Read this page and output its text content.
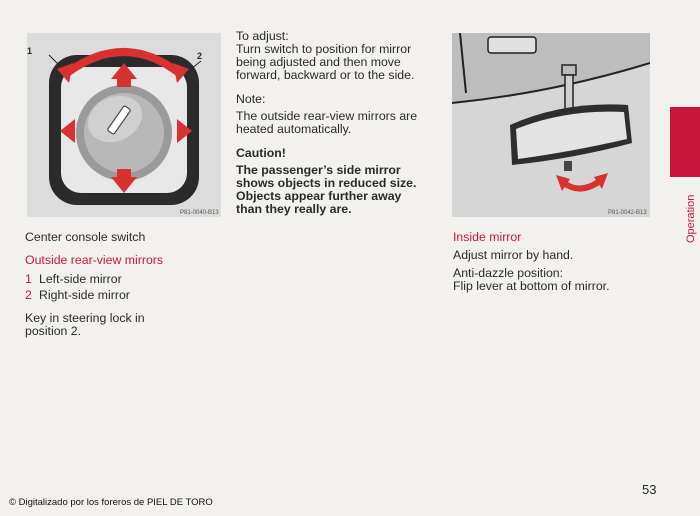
1	2
P81-0040-B13

Center console switch

Outside rear-view mirrors

1 Left-side mirror

2 Right-side mirror

Key in steering lock in

position 2.

To adjust:

Turn switch to position for mirror

being adjusted and then move

forward, backward or to the side.

Note:

The outside rear-view mirrors are

heated automatically.

Caution!

The passenger’s side mirror

shows objects in reduced size.

Objects appear further away

than they really are.	P81-0042-B13

Inside mirror

Adjust mirror by hand.

Anti-dazzle position:

Flip lever at bottom of mirror.

Operation
53
© Digitalizado por los foreros de PIEL DE TORO
